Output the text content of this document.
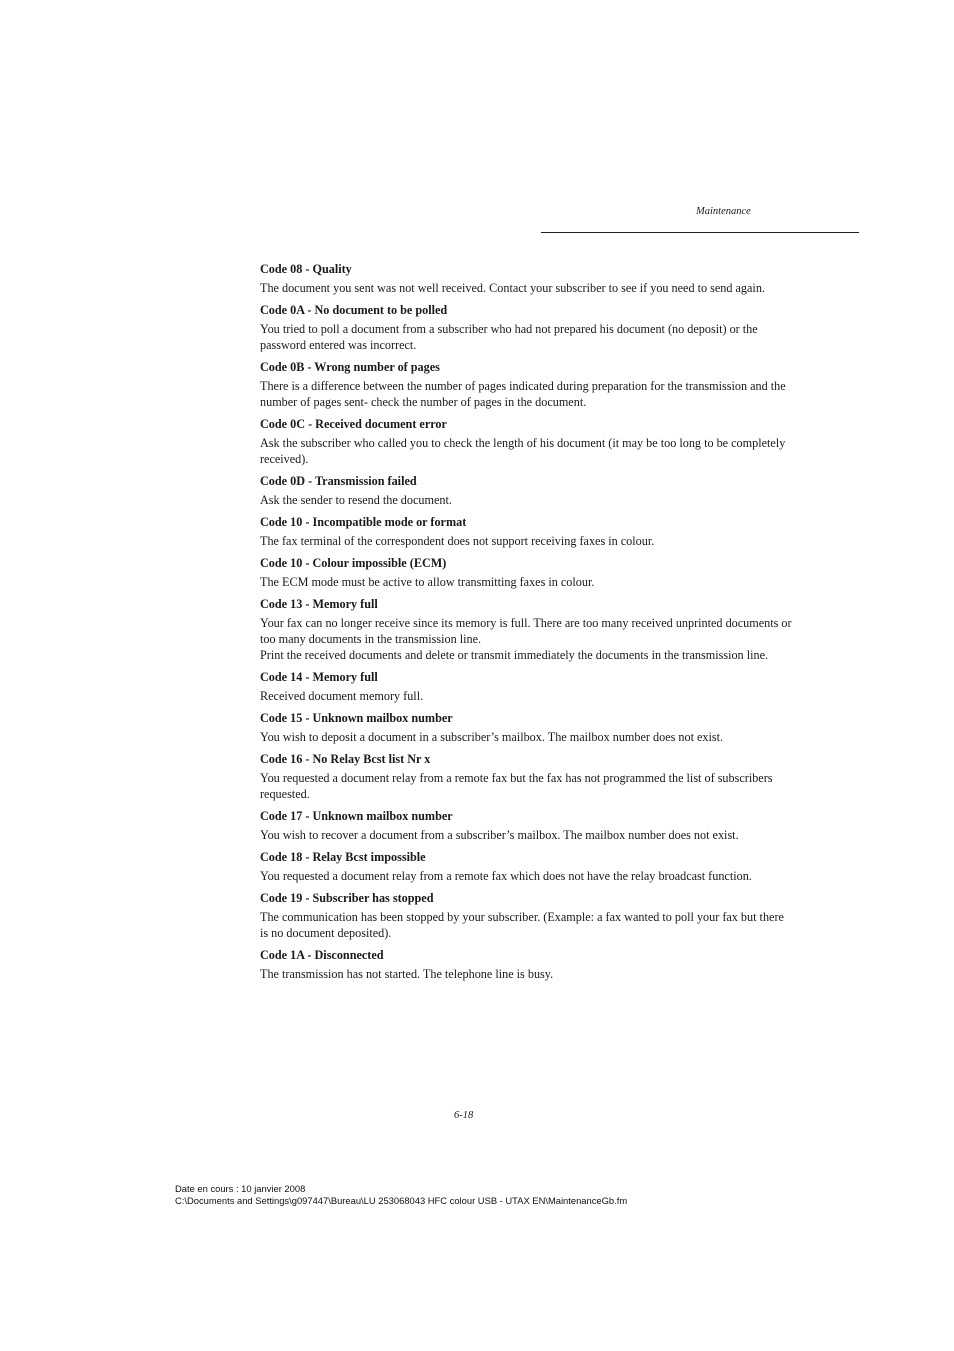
Maintenance
Code 08 - Quality

The document you sent was not well received. Contact your subscriber to see if you need to send again.

Code 0A - No document to be polled

You tried to poll a document from a subscriber who had not prepared his document (no deposit) or the password entered was incorrect.

Code 0B - Wrong number of pages

There is a difference between the number of pages indicated during preparation for the transmission and the number of pages sent- check the number of pages in the document.

Code 0C - Received document error

Ask the subscriber who called you to check the length of his document (it may be too long to be completely received).

Code 0D - Transmission failed

Ask the sender to resend the document.

Code 10 - Incompatible mode or format

The fax terminal of the correspondent does not support receiving faxes in colour.

Code 10 - Colour impossible (ECM)

The ECM mode must be active to allow transmitting faxes in colour.

Code 13 - Memory full

Your fax can no longer receive since its memory is full. There are too many received unprinted documents or too many documents in the transmission line.

Print the received documents and delete or transmit immediately the documents in the transmission line.

Code 14 - Memory full

Received document memory full.

Code 15 - Unknown mailbox number

You wish to deposit a document in a subscriber’s mailbox. The mailbox number does not exist.

Code 16 - No Relay Bcst list Nr x

You requested a document relay from a remote fax but the fax has not programmed the list of subscribers requested.

Code 17 - Unknown mailbox number

You wish to recover a document from a subscriber’s mailbox. The mailbox number does not exist.

Code 18 - Relay Bcst impossible

You requested a document relay from a remote fax which does not have the relay broadcast function.

Code 19 - Subscriber has stopped

The communication has been stopped by your subscriber. (Example: a fax wanted to poll your fax but there is no document deposited).

Code 1A - Disconnected

The transmission has not started. The telephone line is busy.

6-18
Date en cours : 10 janvier 2008
C:\Documents and Settings\g097447\Bureau\LU 253068043 HFC colour USB - UTAX EN\MaintenanceGb.fm
